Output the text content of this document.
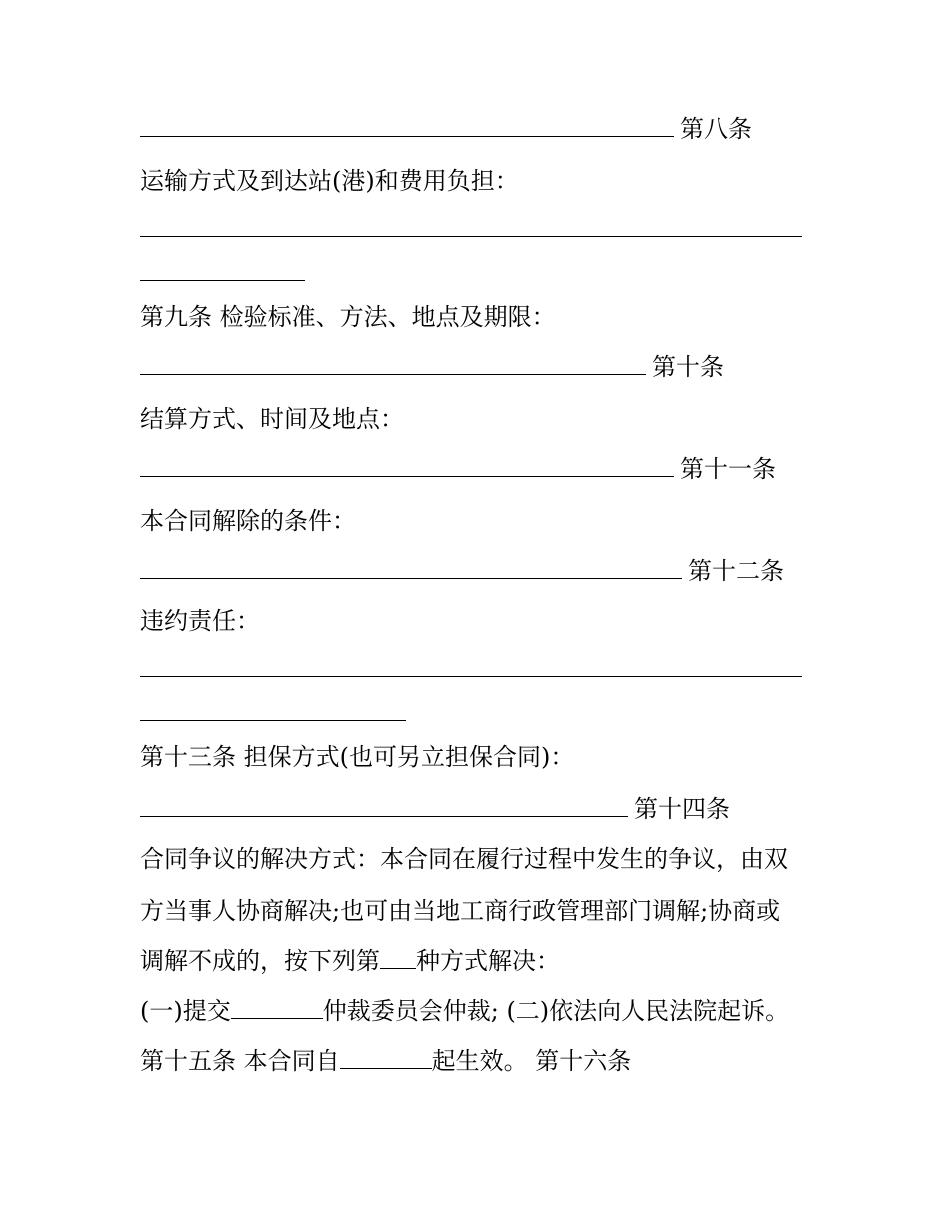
第八条
运输方式及到达站(港)和费用负担：
第九条 检验标准、方法、地点及期限：
第十条
结算方式、时间及地点：
第十一条
本合同解除的条件：
第十二条
违约责任：
第十三条 担保方式(也可另立担保合同)：
第十四条
合同争议的解决方式：本合同在履行过程中发生的争议，由双
方当事人协商解决;也可由当地工商行政管理部门调解;协商或
调解不成的，按下列第 种方式解决：
(一)提交	仲裁委员会仲裁; (二)依法向人民法院起诉。
第十五条 本合同自	起生效。 第十六条
